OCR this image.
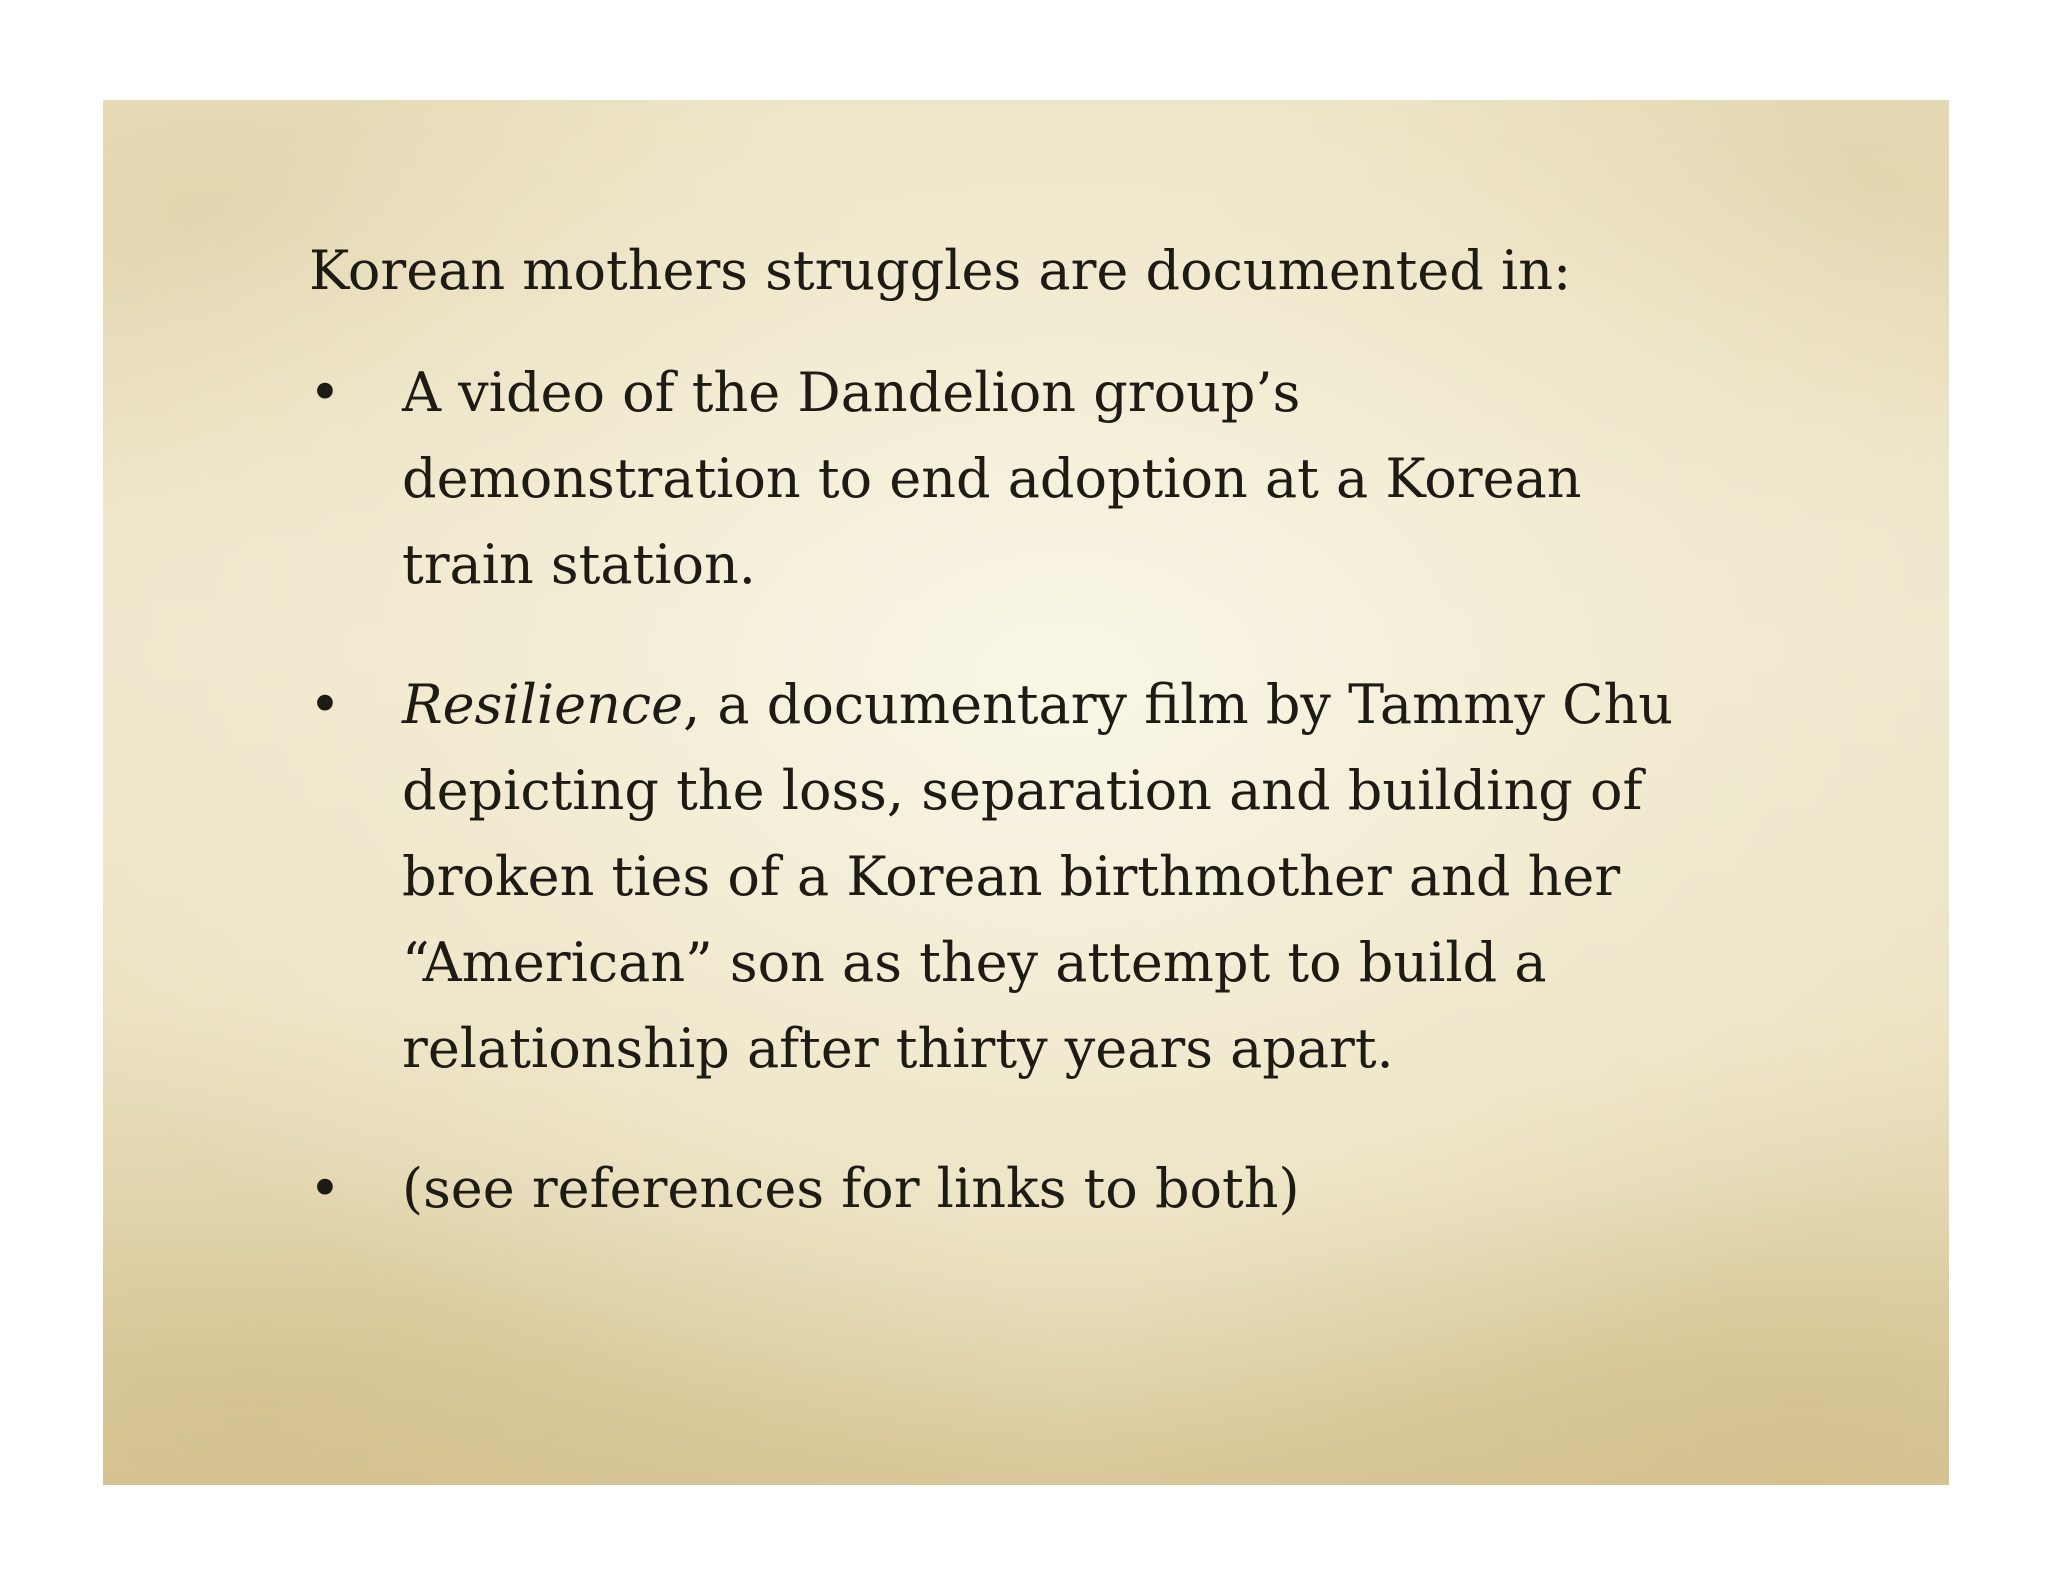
Korean mothers struggles are documented in:
• A video of the Dandelion group’s
demonstration to end adoption at a Korean
train station.
• Resilience, a documentary film by Tammy Chu
depicting the loss, separation and building of
broken ties of a Korean birthmother and her
“American” son as they attempt to build a
relationship after thirty years apart.
• (see references for links to both)
